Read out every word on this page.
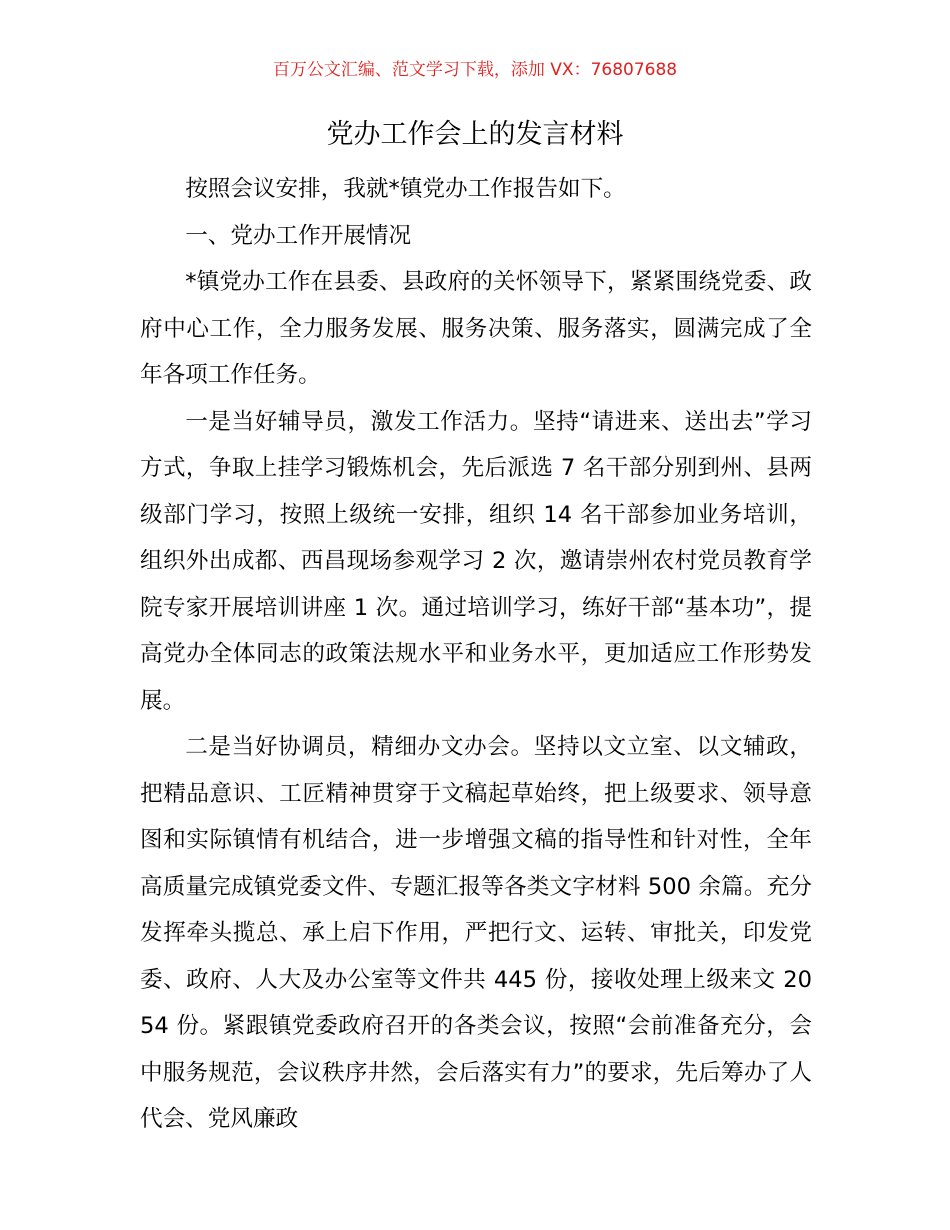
百万公文汇编、范文学习下载，添加 VX：76807688
党办工作会上的发言材料

按照会议安排，我就*镇党办工作报告如下。

一、党办工作开展情况

*镇党办工作在县委、县政府的关怀领导下，紧紧围绕党委、政府中心工作，全力服务发展、服务决策、服务落实，圆满完成了全年各项工作任务。

一是当好辅导员，激发工作活力。坚持“请进来、送出去”学习方式，争取上挂学习锻炼机会，先后派选 7 名干部分别到州、县两级部门学习，按照上级统一安排，组织 14 名干部参加业务培训，组织外出成都、西昌现场参观学习 2 次，邀请崇州农村党员教育学院专家开展培训讲座 1 次。通过培训学习，练好干部“基本功”，提高党办全体同志的政策法规水平和业务水平，更加适应工作形势发展。

二是当好协调员，精细办文办会。坚持以文立室、以文辅政，把精品意识、工匠精神贯穿于文稿起草始终，把上级要求、领导意图和实际镇情有机结合，进一步增强文稿的指导性和针对性，全年高质量完成镇党委文件、专题汇报等各类文字材料 500 余篇。充分发挥牵头揽总、承上启下作用，严把行文、运转、审批关，印发党委、政府、人大及办公室等文件共 445 份，接收处理上级来文 2054 份。紧跟镇党委政府召开的各类会议，按照“会前准备充分，会中服务规范，会议秩序井然，会后落实有力”的要求，先后筹办了人代会、党风廉政
